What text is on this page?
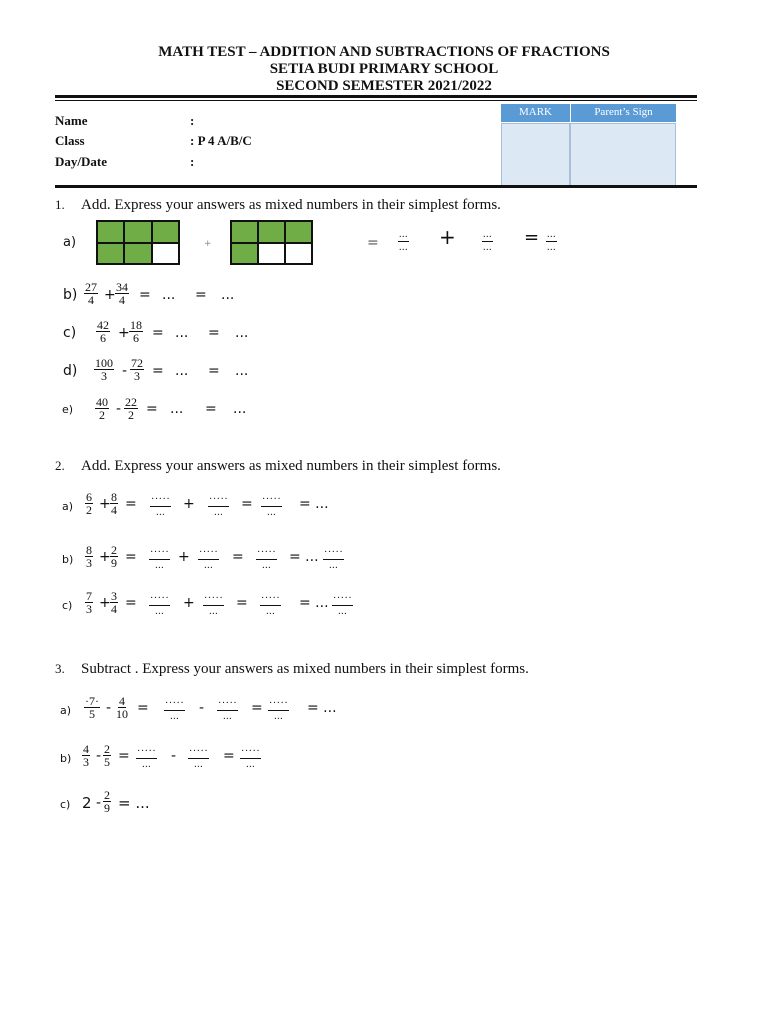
MATH TEST – ADDITION AND SUBTRACTIONS OF FRACTIONS
SETIA BUDI PRIMARY SCHOOL
SECOND SEMESTER 2021/2022
Name	:
Class	: P 4 A/B/C
Day/Date	:
MARK	Parent’s Sign
1. Add. Express your answers as mixed numbers in their simplest forms.
a)	+	=
...
... +	...
... = ...
...
b) 27
4 + 34
4 = ... = ...
c) 42
6 + 18
6 = ... = ...
d) 100
3 - 72
3 = ... = ...
e)
40
2 - 22
2 = ... = ...
2. Add. Express your answers as mixed numbers in their simplest forms.
a)
6
2 + 8
4 = ·····
...
+ ·····
...
= ·····
...
= ...
b)
8
3 + 2
9 = ·····
...
+ ·····
...
= ·····
...
= ... ·····
...
c)
7
3 + 3
4 = ·····
...
+ ·····
...
= ·····
...
= ... ·····
...
3. Subtract . Express your answers as mixed numbers in their simplest forms.
a)
·7·
5 - 4
10 = ·····
...
- ·····
...
= ·····
...
= ...
b)
4
3 - 2
5 = ·····
...
- ·····
...
= ·····
...
c) 2 - 2
9 = ...
